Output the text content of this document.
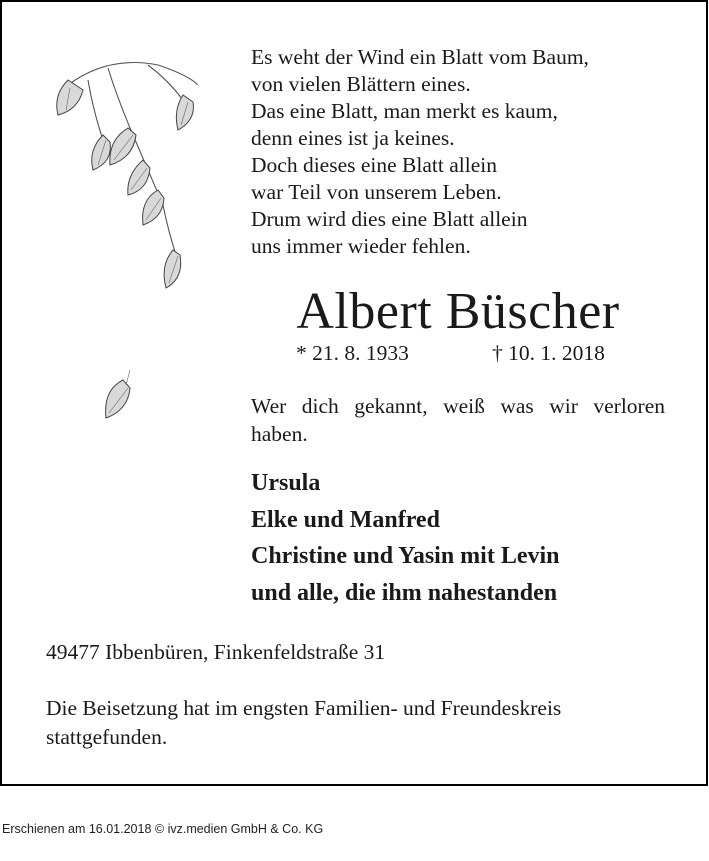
Es weht der Wind ein Blatt vom Baum,
von vielen Blättern eines.
Das eine Blatt, man merkt es kaum,
denn eines ist ja keines.
Doch dieses eine Blatt allein
war Teil von unserem Leben.
Drum wird dies eine Blatt allein
uns immer wieder fehlen.
Albert Büscher
* 21. 8. 1933	† 10. 1. 2018
Wer dich gekannt, weiß was wir verloren haben.
Ursula
Elke und Manfred
Christine und Yasin mit Levin
und alle, die ihm nahestanden
49477 Ibbenbüren, Finkenfeldstraße 31
Die Beisetzung hat im engsten Familien- und Freundeskreis stattgefunden.
Erschienen am 16.01.2018 © ivz.medien GmbH & Co. KG
